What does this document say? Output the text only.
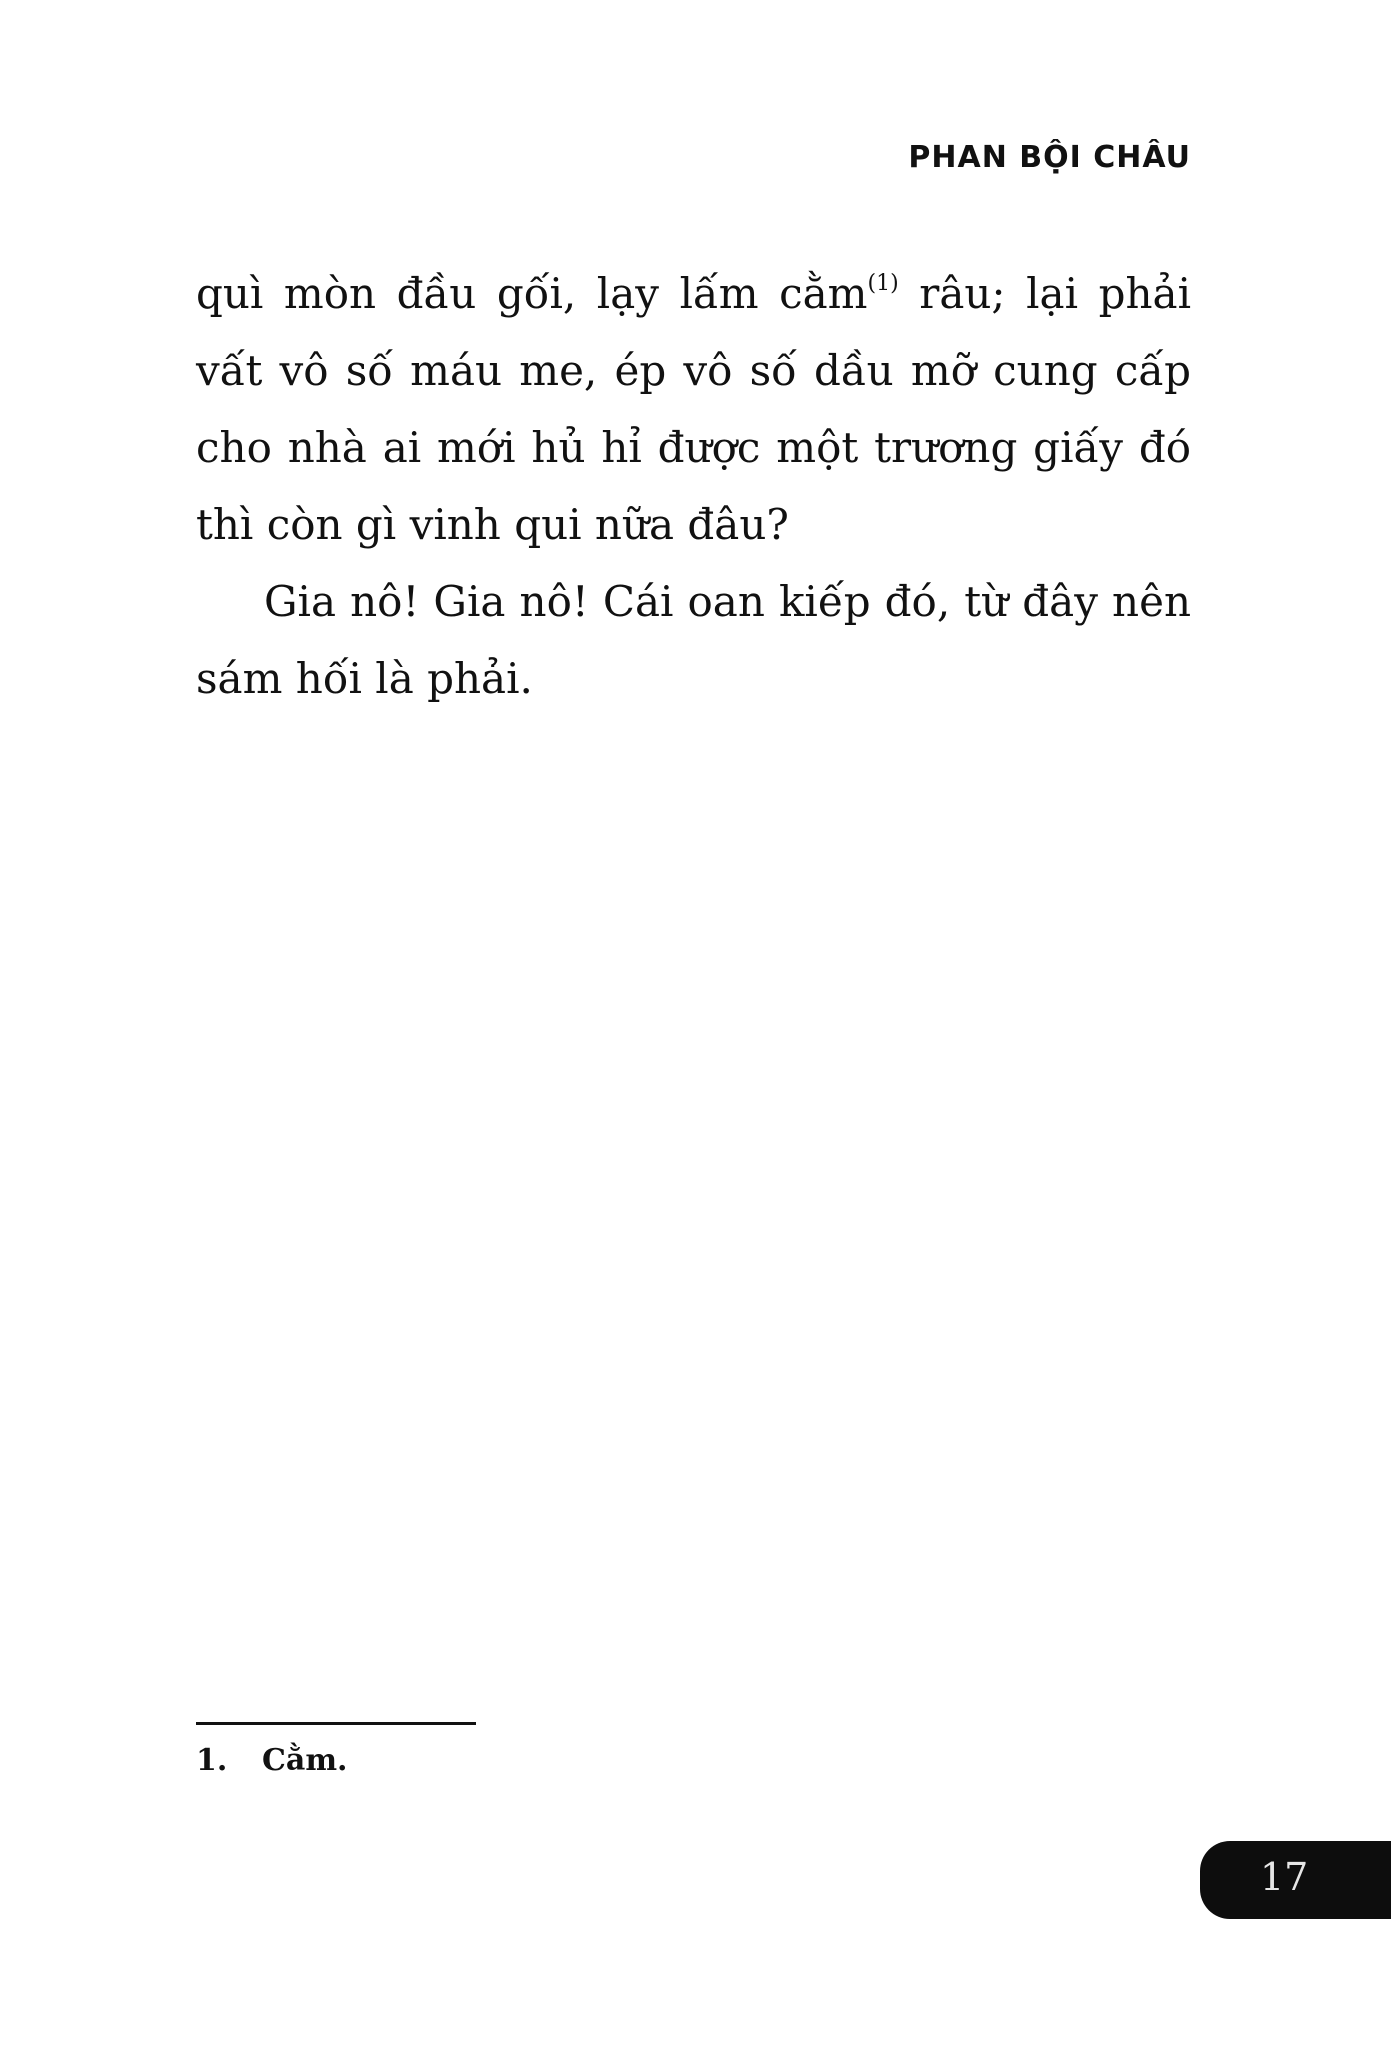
PHAN BỘI CHÂU

quì mòn đầu gối, lạy lấm cằm$^{(1)}$ râu; lại phải vất vô số máu me, ép vô số dầu mỡ cung cấp cho nhà ai mới hủ hỉ được một trương giấy đó thì còn gì vinh qui nữa đâu?

Gia nô! Gia nô! Cái oan kiếp đó, từ đây nên sám hối là phải.

1. Cằm.
17
